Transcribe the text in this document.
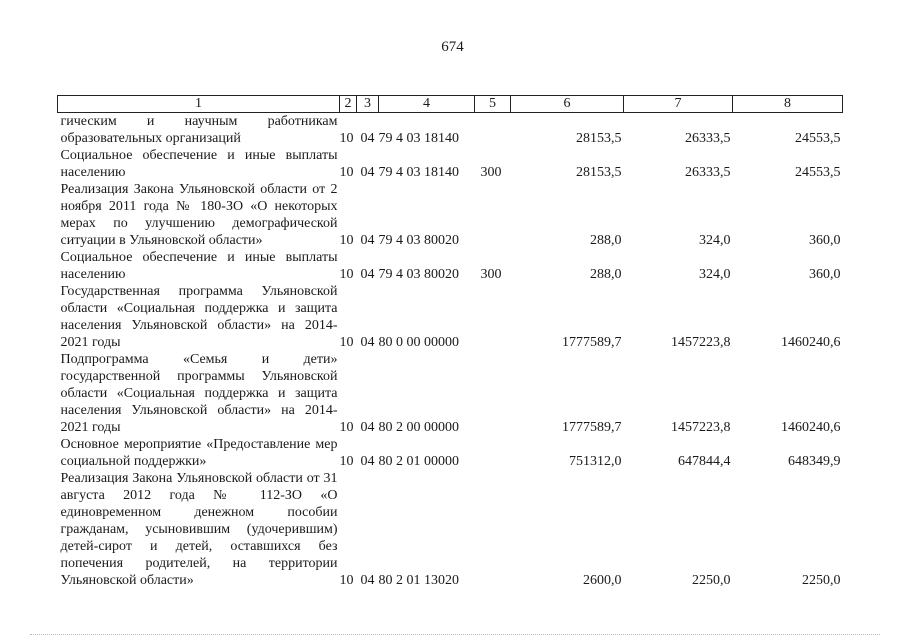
674
1	2	3	4	5	6	7	8
гическим и научным работникам образовательных организаций	10	04	79 4 03 18140		28153,5	26333,5	24553,5
Социальное обеспечение и иные выплаты населению	10	04	79 4 03 18140	300	28153,5	26333,5	24553,5
Реализация Закона Ульяновской области от 2 ноября 2011 года № 180-ЗО «О некоторых мерах по улучшению демографической ситуации в Ульяновской области»	10	04	79 4 03 80020		288,0	324,0	360,0
Социальное обеспечение и иные выплаты населению	10	04	79 4 03 80020	300	288,0	324,0	360,0
Государственная программа Ульяновской области «Социальная поддержка и защита населения Ульяновской области» на 2014-2021 годы	10	04	80 0 00 00000		1777589,7	1457223,8	1460240,6
Подпрограмма «Семья и дети» государственной программы Ульяновской области «Социальная поддержка и защита населения Ульяновской области» на 2014-2021 годы	10	04	80 2 00 00000		1777589,7	1457223,8	1460240,6
Основное мероприятие «Предоставление мер социальной поддержки»	10	04	80 2 01 00000		751312,0	647844,4	648349,9
Реализация Закона Ульяновской области от 31 августа 2012 года № 112-ЗО «О единовременном денежном пособии гражданам, усыновившим (удочерившим) детей-сирот и детей, оставшихся без попечения родителей, на территории Ульяновской области»	10	04	80 2 01 13020		2600,0	2250,0	2250,0
